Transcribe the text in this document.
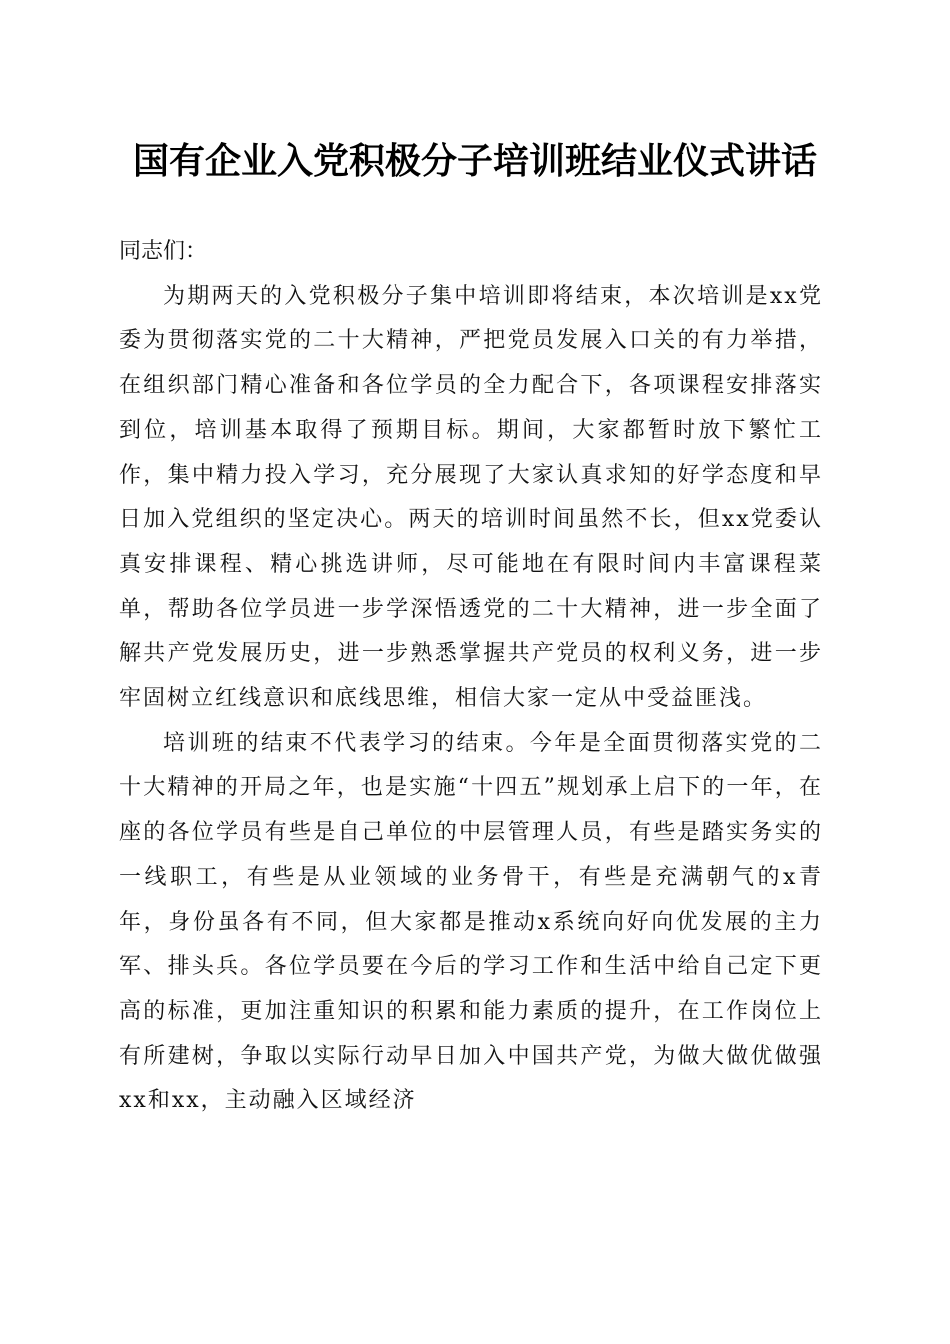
国有企业入党积极分子培训班结业仪式讲话

同志们：

为期两天的入党积极分子集中培训即将结束，本次培训是xx党委为贯彻落实党的二十大精神，严把党员发展入口关的有力举措，在组织部门精心准备和各位学员的全力配合下，各项课程安排落实到位，培训基本取得了预期目标。期间，大家都暂时放下繁忙工作，集中精力投入学习，充分展现了大家认真求知的好学态度和早日加入党组织的坚定决心。两天的培训时间虽然不长，但xx党委认真安排课程、精心挑选讲师，尽可能地在有限时间内丰富课程菜单，帮助各位学员进一步学深悟透党的二十大精神，进一步全面了解共产党发展历史，进一步熟悉掌握共产党员的权利义务，进一步牢固树立红线意识和底线思维，相信大家一定从中受益匪浅。

培训班的结束不代表学习的结束。今年是全面贯彻落实党的二十大精神的开局之年，也是实施“十四五”规划承上启下的一年，在座的各位学员有些是自己单位的中层管理人员，有些是踏实务实的一线职工，有些是从业领域的业务骨干，有些是充满朝气的x青年，身份虽各有不同，但大家都是推动x系统向好向优发展的主力军、排头兵。各位学员要在今后的学习工作和生活中给自己定下更高的标准，更加注重知识的积累和能力素质的提升，在工作岗位上有所建树，争取以实际行动早日加入中国共产党，为做大做优做强xx和xx，主动融入区域经济
